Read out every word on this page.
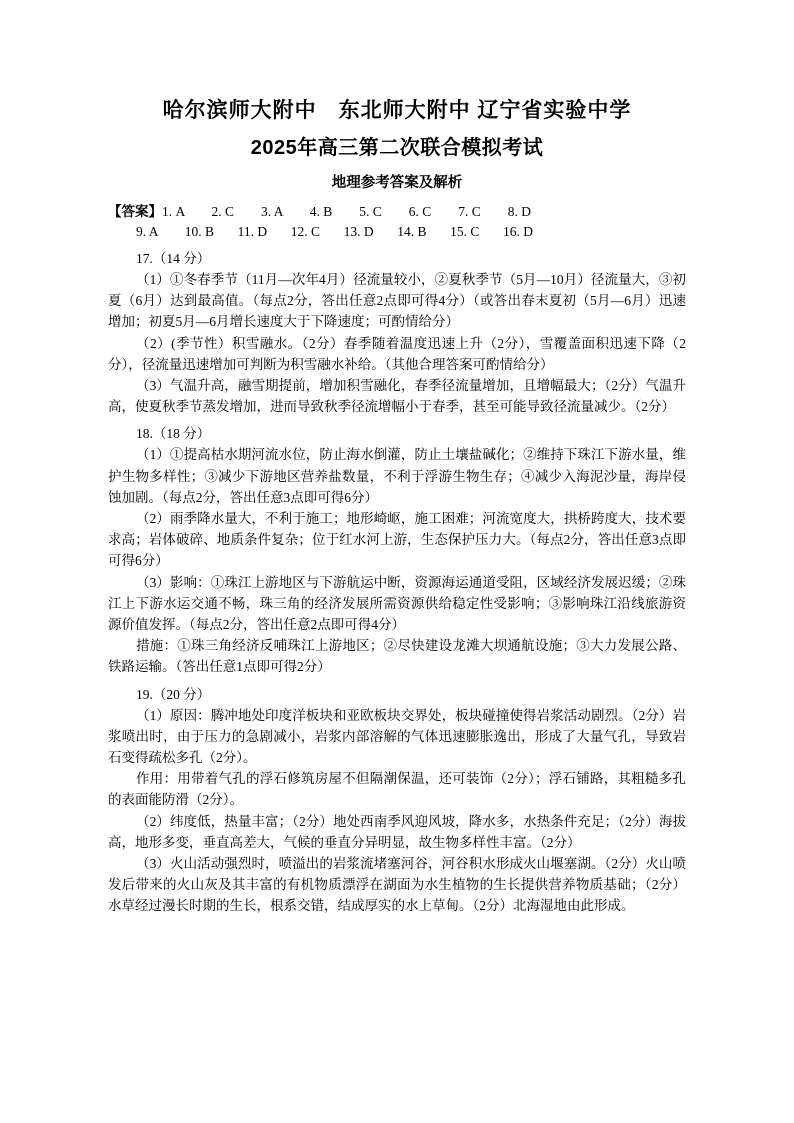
哈尔滨师大附中　东北师大附中 辽宁省实验中学
2025年高三第二次联合模拟考试
地理参考答案及解析
【答案】1. A        2. C        3. A        4. B        5. C        6. C        7. C        8. D
9. A        10. B       11. D       12. C       13. D       14. B       15. C       16. D
17.（14 分）

（1）①冬春季节（11月—次年4月）径流量较小，②夏秋季节（5月—10月）径流量大，③初夏（6月）达到最高值。（每点2分，答出任意2点即可得4分）（或答出春末夏初（5月—6月）迅速增加；初夏5月—6月增长速度大于下降速度；可酌情给分）

（2）(季节性）积雪融水。（2分）春季随着温度迅速上升（2分），雪覆盖面积迅速下降（2分），径流量迅速增加可判断为积雪融水补给。（其他合理答案可酌情给分）

（3）气温升高，融雪期提前，增加积雪融化，春季径流量增加，且增幅最大；（2分）气温升高，使夏秋季节蒸发增加，进而导致秋季径流增幅小于春季，甚至可能导致径流量减少。（2分）

18.（18 分）

（1）①提高枯水期河流水位，防止海水倒灌，防止土壤盐碱化；②维持下珠江下游水量，维护生物多样性；③减少下游地区营养盐数量，不利于浮游生物生存；④减少入海泥沙量，海岸侵蚀加剧。（每点2分，答出任意3点即可得6分）

（2）雨季降水量大，不利于施工；地形崎岖，施工困难；河流宽度大，拱桥跨度大，技术要求高；岩体破碎、地质条件复杂；位于红水河上游，生态保护压力大。（每点2分，答出任意3点即可得6分）

（3）影响：①珠江上游地区与下游航运中断，资源海运通道受阻，区域经济发展迟缓；②珠江上下游水运交通不畅，珠三角的经济发展所需资源供给稳定性受影响；③影响珠江沿线旅游资源价值发挥。（每点2分，答出任意2点即可得4分）

措施：①珠三角经济反哺珠江上游地区；②尽快建设龙滩大坝通航设施；③大力发展公路、铁路运输。（答出任意1点即可得2分）

19.（20 分）

（1）原因：腾冲地处印度洋板块和亚欧板块交界处，板块碰撞使得岩浆活动剧烈。（2分）岩浆喷出时，由于压力的急剧减小，岩浆内部溶解的气体迅速膨胀逸出，形成了大量气孔，导致岩石变得疏松多孔（2分）。

作用：用带着气孔的浮石修筑房屋不但隔潮保温，还可装饰（2分）；浮石铺路，其粗糙多孔的表面能防滑（2分）。

（2）纬度低，热量丰富；（2分）地处西南季风迎风坡，降水多，水热条件充足；（2分）海拔高，地形多变，垂直高差大，气候的垂直分异明显，故生物多样性丰富。（2分）

（3）火山活动强烈时，喷溢出的岩浆流堵塞河谷，河谷积水形成火山堰塞湖。（2分）火山喷发后带来的火山灰及其丰富的有机物质漂浮在湖面为水生植物的生长提供营养物质基础；（2分）水草经过漫长时期的生长，根系交错，结成厚实的水上草甸。（2分）北海湿地由此形成。
